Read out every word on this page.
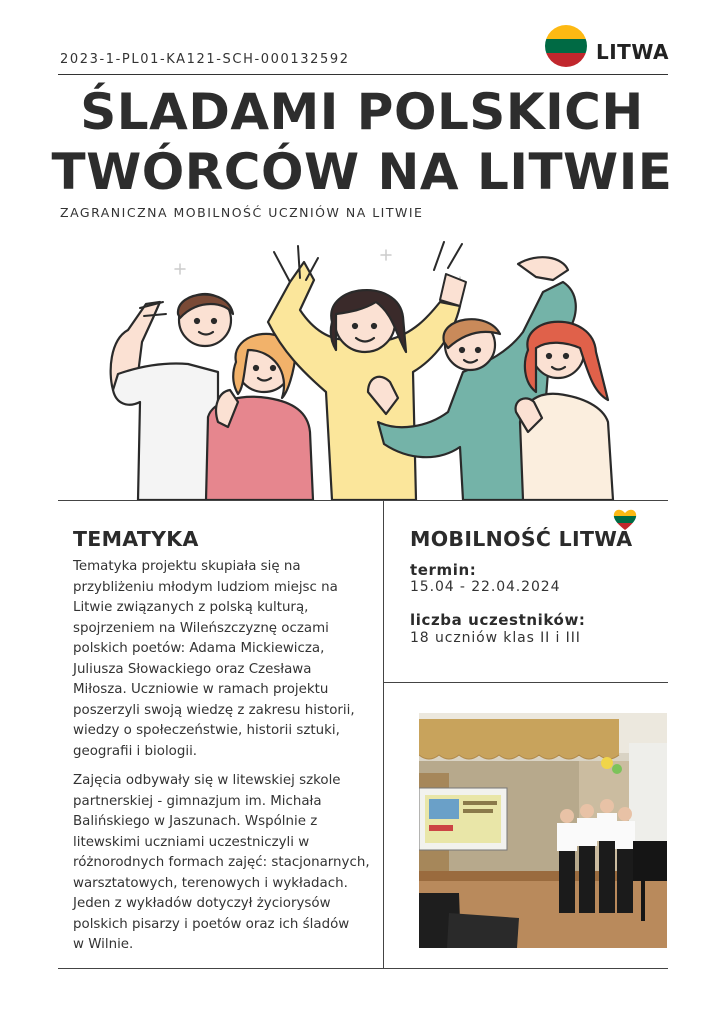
2023-1-PL01-KA121-SCH-000132592	LITWA
ŚLADAMI POLSKICH
TWÓRCÓW NA LITWIE
ZAGRANICZNA MOBILNOŚĆ UCZNIÓW NA LITWIE
TEMATYKA
Tematyka projektu skupiała się na
przybliżeniu młodym ludziom miejsc na
Litwie związanych z polską kulturą,
spojrzeniem na Wileńszczyznę oczami
polskich poetów: Adama Mickiewicza,
Juliusza Słowackiego oraz Czesława
Miłosza. Uczniowie w ramach projektu
poszerzyli swoją wiedzę z zakresu historii,
wiedzy o społeczeństwie, historii sztuki,
geografii i biologii.
Zajęcia odbywały się w litewskiej szkole
partnerskiej - gimnazjum im. Michała
Balińskiego w Jaszunach. Wspólnie z
litewskimi uczniami uczestniczyli w
różnorodnych formach zajęć: stacjonarnych,
warsztatowych, terenowych i wykładach.
Jeden z wykładów dotyczył życiorysów
polskich pisarzy i poetów oraz ich śladów
w Wilnie.
MOBILNOŚĆ LITWA
termin:
15.04 - 22.04.2024
liczba uczestników:
18 uczniów klas II i III
